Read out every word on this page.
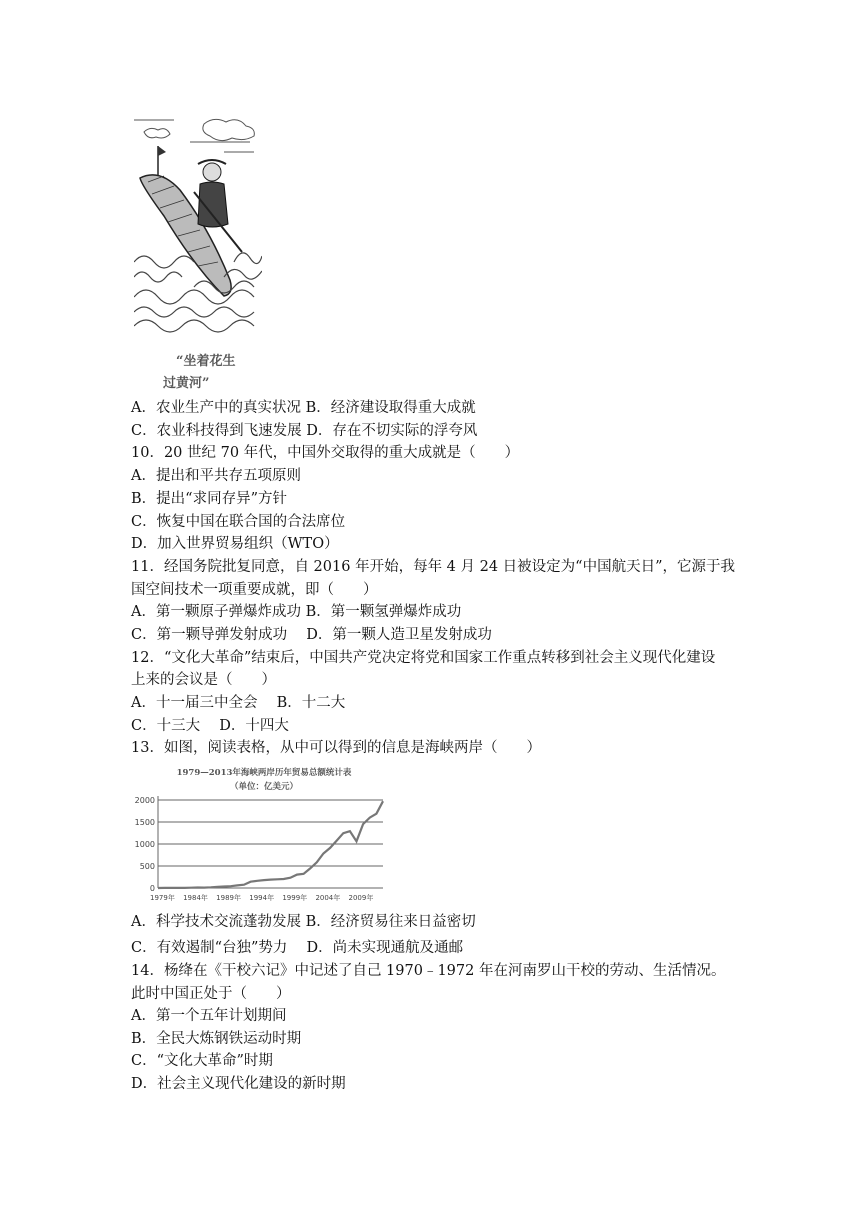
“坐着花生
过黄河”
A．农业生产中的真实状况 B．经济建设取得重大成就
C．农业科技得到飞速发展 D．存在不切实际的浮夸风
10．20 世纪 70 年代，中国外交取得的重大成就是（　　）
A．提出和平共存五项原则
B．提出“求同存异”方针
C．恢复中国在联合国的合法席位
D．加入世界贸易组织（WTO）
11．经国务院批复同意，自 2016 年开始，每年 4 月 24 日被设定为“中国航天日”，它源于我
国空间技术一项重要成就，即（　　）
A．第一颗原子弹爆炸成功 B．第一颗氢弹爆炸成功
C．第一颗导弹发射成功　 D．第一颗人造卫星发射成功
12．“文化大革命”结束后，中国共产党决定将党和国家工作重点转移到社会主义现代化建设
上来的会议是（　　）
A．十一届三中全会　 B．十二大
C．十三大　 D．十四大
13．如图，阅读表格，从中可以得到的信息是海峡两岸（　　）
1979—2013年海峡两岸历年贸易总额统计表
（单位：亿美元）
0
500
1000
1500
2000
1979年 1984年 1989年 1994年 1999年 2004年 2009年
A．科学技术交流蓬勃发展 B．经济贸易往来日益密切
C．有效遏制“台独”势力　 D．尚未实现通航及通邮
14．杨绛在《干校六记》中记述了自己 1970﹣1972 年在河南罗山干校的劳动、生活情况。
此时中国正处于（　　）
A．第一个五年计划期间
B．全民大炼钢铁运动时期
C．“文化大革命”时期
D．社会主义现代化建设的新时期
